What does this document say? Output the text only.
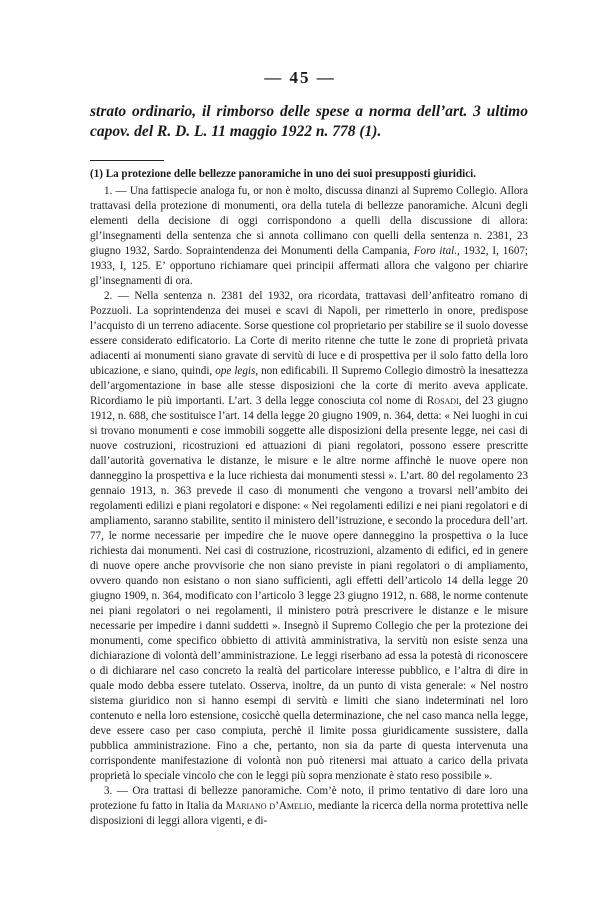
— 45 —

strato ordinario, il rimborso delle spese a norma dell’art. 3 ultimo capov. del R. D. L. 11 maggio 1922 n. 778 (1).

(1) La protezione delle bellezze panoramiche in uno dei suoi presupposti giuridici.

1. — Una fattispecie analoga fu, or non è molto, discussa dinanzi al Supremo Collegio. Allora trattavasi della protezione di monumenti, ora della tutela di bellezze panoramiche. Alcuni degli elementi della decisione di oggi corrispondono a quelli della discussione di allora: gl’insegnamenti della sentenza che si annota collimano con quelli della sentenza n. 2381, 23 giugno 1932, Sardo. Sopraintendenza dei Monumenti della Campania, Foro ital., 1932, I, 1607; 1933, I, 125. E’ opportuno richiamare quei principii affermati allora che valgono per chiarire gl’insegnamenti di ora.

2. — Nella sentenza n. 2381 del 1932, ora ricordata, trattavasi dell’anfiteatro romano di Pozzuoli. La soprintendenza dei musei e scavi di Napoli, per rimetterlo in onore, predispose l’acquisto di un terreno adiacente. Sorse questione col proprietario per stabilire se il suolo dovesse essere considerato edificatorio. La Corte di merito ritenne che tutte le zone di proprietà privata adiacenti ai monumenti siano gravate di servitù di luce e di prospettiva per il solo fatto della loro ubicazione, e siano, quindi, ope legis, non edificabili. Il Supremo Collegio dimostrò la inesattezza dell’argomentazione in base alle stesse disposizioni che la corte di merito aveva applicate. Ricordiamo le più importanti. L’art. 3 della legge conosciuta col nome di Rosadi, del 23 giugno 1912, n. 688, che sostituisce l’art. 14 della legge 20 giugno 1909, n. 364, detta: « Nei luoghi in cui si trovano monumenti e cose immobili soggette alle disposizioni della presente legge, nei casi di nuove costruzioni, ricostruzioni ed attuazioni di piani regolatori, possono essere prescritte dall’autorità governativa le distanze, le misure e le altre norme affinchè le nuove opere non danneggino la prospettiva e la luce richiesta dai monumenti stessi ». L’art. 80 del regolamento 23 gennaio 1913, n. 363 prevede il caso di monumenti che vengono a trovarsi nell’ambito dei regolamenti edilizi e piani regolatori e dispone: « Nei regolamenti edilizi e nei piani regolatori e di ampliamento, saranno stabilite, sentito il ministero dell’istruzione, e secondo la procedura dell’art. 77, le norme necessarie per impedire che le nuove opere danneggino la prospettiva o la luce richiesta dai monumenti. Nei casi di costruzione, ricostruzioni, alzamento di edifici, ed in genere di nuove opere anche provvisorie che non siano previste in piani regolatori o di ampliamento, ovvero quando non esistano o non siano sufficienti, agli effetti dell’articolo 14 della legge 20 giugno 1909, n. 364, modificato con l’articolo 3 legge 23 giugno 1912, n. 688, le norme contenute nei piani regolatori o nei regolamenti, il ministero potrà prescrivere le distanze e le misure necessarie per impedire i danni suddetti ». Insegnò il Supremo Collegio che per la protezione dei monumenti, come specifico obbietto di attività amministrativa, la servitù non esiste senza una dichiarazione di volontà dell’amministrazione. Le leggi riserbano ad essa la potestà di riconoscere o di dichiarare nel caso concreto la realtà del particolare interesse pubblico, e l’altra di dire in quale modo debba essere tutelato. Osserva, inoltre, da un punto di vista generale: « Nel nostro sistema giuridico non si hanno esempi di servitù e limiti che siano indeterminati nel loro contenuto e nella loro estensione, cosicchè quella determinazione, che nel caso manca nella legge, deve essere caso per caso compiuta, perchè il limite possa giuridicamente sussistere, dalla pubblica amministrazione. Fino a che, pertanto, non sia da parte di questa intervenuta una corrispondente manifestazione di volontà non può ritenersi mai attuato a carico della privata proprietà lo speciale vincolo che con le leggi più sopra menzionate è stato reso possibile ».

3. — Ora trattasi di bellezze panoramiche. Com’è noto, il primo tentativo di dare loro una protezione fu fatto in Italia da Mariano d’Amelio, mediante la ricerca della norma protettiva nelle disposizioni di leggi allora vigenti, e di-
